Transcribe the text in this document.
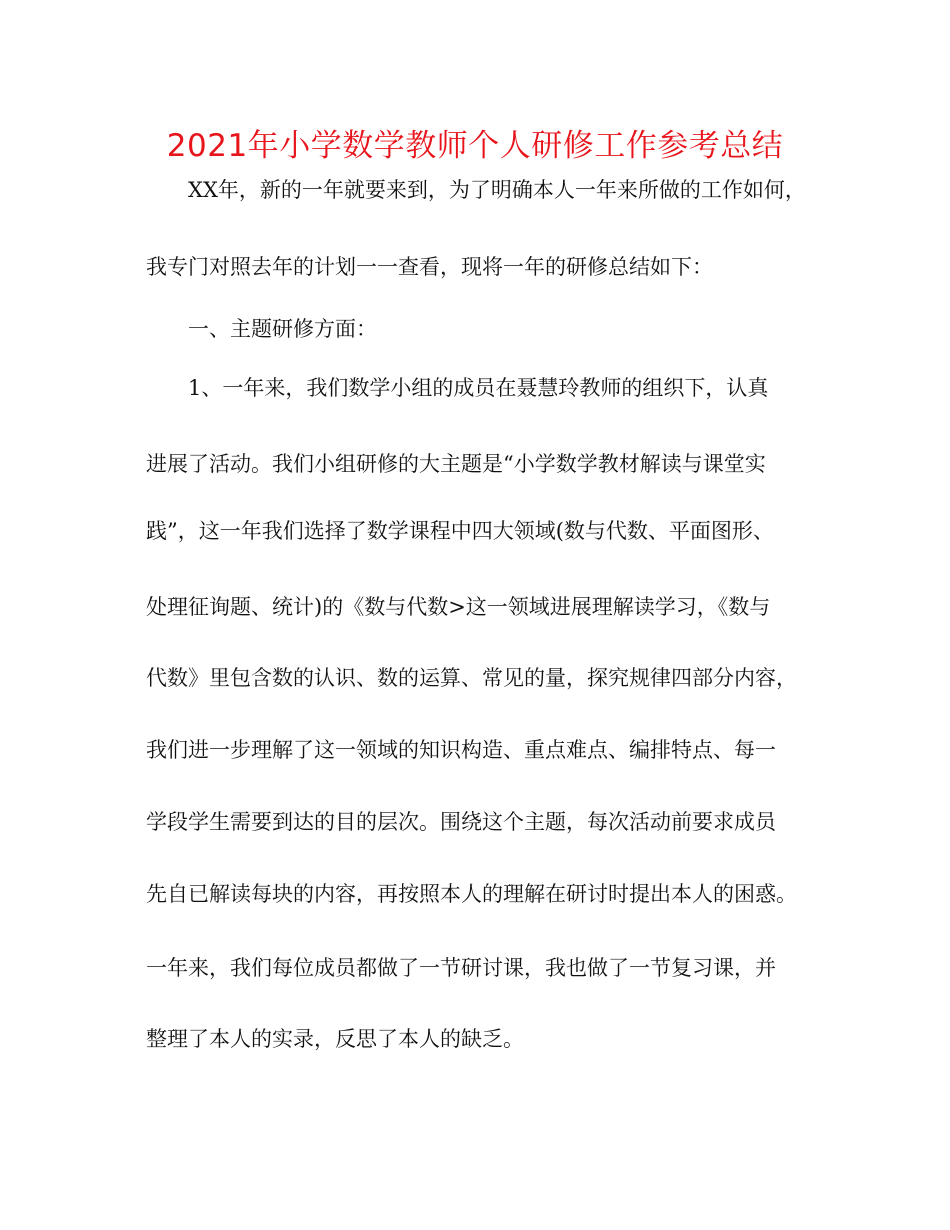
2021年小学数学教师个人研修工作参考总结
XX年，新的一年就要来到，为了明确本人一年来所做的工作如何，
我专门对照去年的计划一一查看，现将一年的研修总结如下：
一、主题研修方面：
1、一年来，我们数学小组的成员在聂慧玲教师的组织下，认真
进展了活动。我们小组研修的大主题是“小学数学教材解读与课堂实
践”，这一年我们选择了数学课程中四大领域(数与代数、平面图形、
处理征询题、统计)的《数与代数>这一领域进展理解读学习，《数与
代数》里包含数的认识、数的运算、常见的量，探究规律四部分内容，
我们进一步理解了这一领域的知识构造、重点难点、编排特点、每一
学段学生需要到达的目的层次。围绕这个主题，每次活动前要求成员
先自已解读每块的内容，再按照本人的理解在研讨时提出本人的困惑。
一年来，我们每位成员都做了一节研讨课，我也做了一节复习课，并
整理了本人的实录，反思了本人的缺乏。
